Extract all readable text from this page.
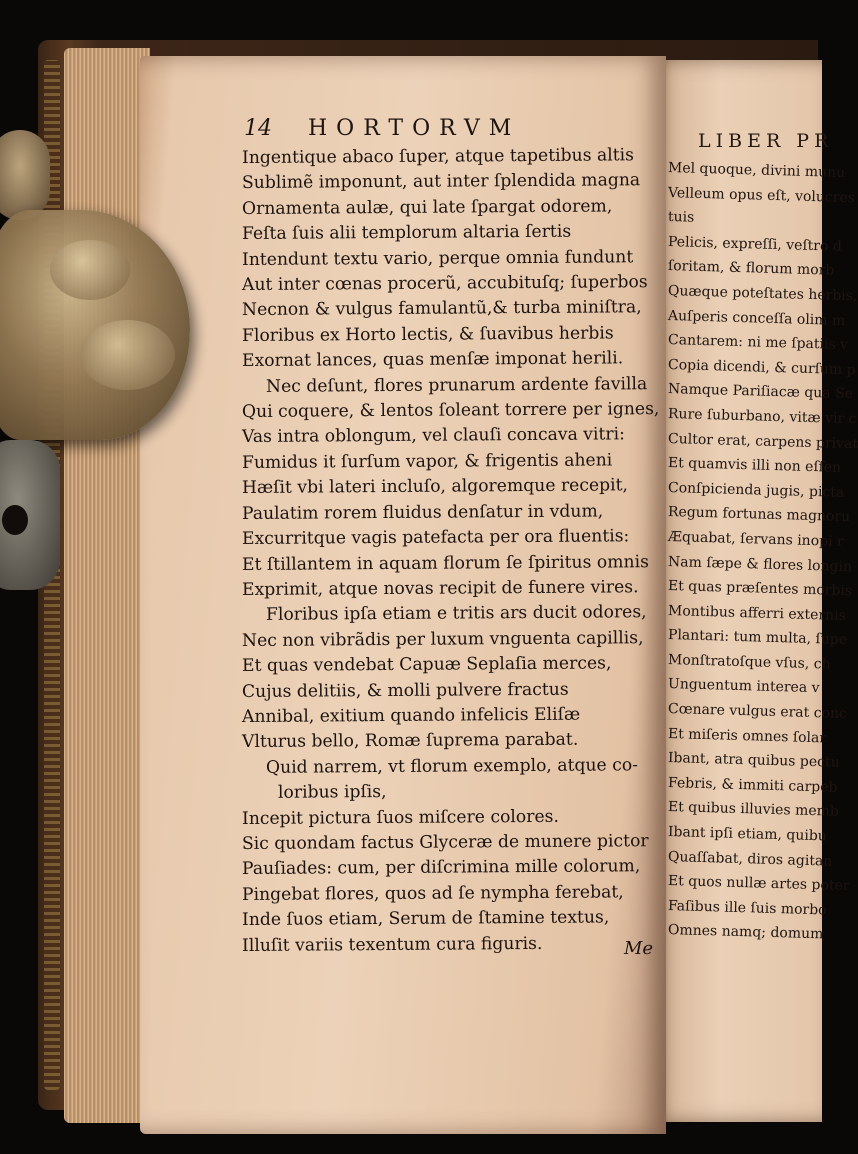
LIBER PR
Mel quoque, divini munu
Velleum opus eſt, volucres
tuis
Pelicis, expreſſi, veſtro d
ſoritam, & florum morb
Quæque poteſtates herbis,
Auſperis conceſſa olim m
Cantarem: ni me ſpatiis v
Copia dicendi, & curſum p
Namque Pariſiacæ qua Se
Rure ſuburbano, vitæ vir c
Cultor erat, carpens privat
Et quamvis illi non eſſen
Conſpicienda jugis, picta
Regum fortunas magnoru
Æquabat, ſervans inopi r
Nam ſæpe & flores longin
Et quas præſentes morbis
Montibus afferri externis
Plantari: tum multa, ſupe
Monſtratoſque vſus, ch
Unguentum interea v
Cœnare vulgus erat conc
Et miſeris omnes ſolar
Ibant, atra quibus pectu
Febris, & immiti carpeb
Et quibus illuvies memb
Ibant ipſi etiam, quibu
Quaſſabat, diros agitan
Et quos nullæ artes poter
Faſibus ille ſuis morbo
Omnes namq; domum
14	HORTORVM
Ingentique abaco ſuper, atque tapetibus altis
Sublimẽ imponunt, aut inter ſplendida magna
Ornamenta aulæ, qui late ſpargat odorem,
Feſta ſuis alii templorum altaria ſertis
Intendunt textu vario, perque omnia fundunt
Aut inter cœnas procerũ, accubituſq; ſuperbos
Necnon & vulgus famulantũ,& turba miniſtra,
Floribus ex Horto lectis, & ſuavibus herbis
Exornat lances, quas menſæ imponat herili.
Nec deſunt, flores prunarum ardente favilla
Qui coquere, & lentos ſoleant torrere per ignes,
Vas intra oblongum, vel clauſi concava vitri:
Fumidus it ſurſum vapor, & frigentis aheni
Hæſit vbi lateri incluſo, algoremque recepit,
Paulatim rorem fluidus denſatur in vdum,
Excurritque vagis patefacta per ora fluentis:
Et ſtillantem in aquam florum ſe ſpiritus omnis
Exprimit, atque novas recipit de funere vires.
Floribus ipſa etiam e tritis ars ducit odores,
Nec non vibrãdis per luxum vnguenta capillis,
Et quas vendebat Capuæ Seplaſia merces,
Cujus delitiis, & molli pulvere fractus
Annibal, exitium quando infelicis Eliſæ
Vlturus bello, Romæ ſuprema parabat.
Quid narrem, vt florum exemplo, atque co-
loribus ipſis,
Incepit pictura ſuos miſcere colores.
Sic quondam factus Glyceræ de munere pictor
Pauſiades: cum, per diſcrimina mille colorum,
Pingebat flores, quos ad ſe nympha ferebat,
Inde ſuos etiam, Serum de ſtamine textus,
Illuſit variis texentum cura figuris.	Me
